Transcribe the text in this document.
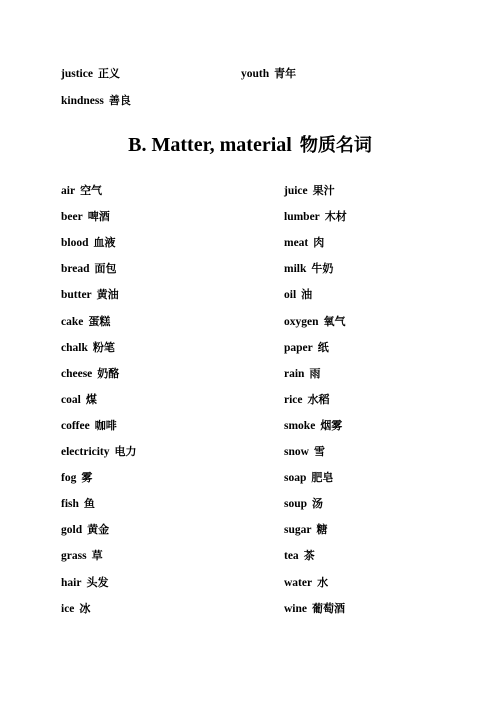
justice 正义	youth 青年
kindness 善良
B. Matter, material 物质名词
air 空气
beer 啤酒
blood 血液
bread 面包
butter 黄油
cake 蛋糕
chalk 粉笔
cheese 奶酪
coal 煤
coffee 咖啡
electricity 电力
fog 雾
fish 鱼
gold 黄金
grass 草
hair 头发
ice 冰
juice 果汁
lumber 木材
meat 肉
milk 牛奶
oil 油
oxygen 氧气
paper 纸
rain 雨
rice 水稻
smoke 烟雾
snow 雪
soap 肥皂
soup 汤
sugar 糖
tea 茶
water 水
wine 葡萄酒
